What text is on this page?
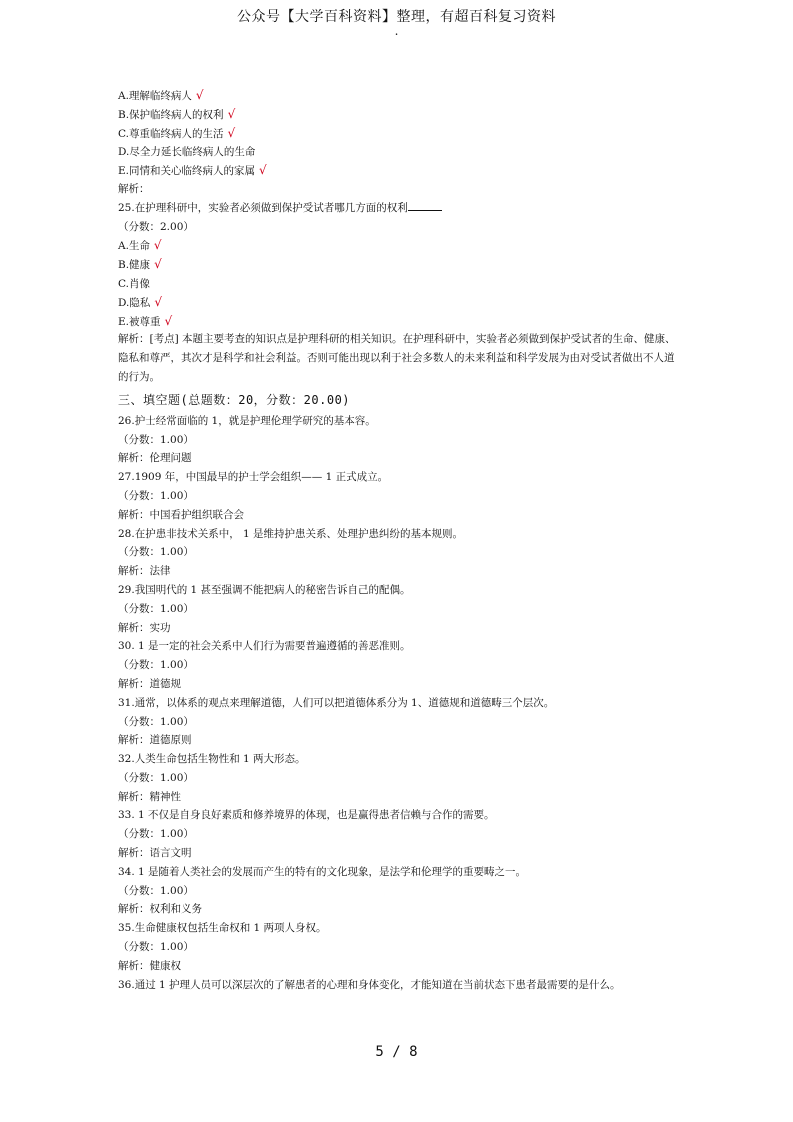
公众号【大学百科资料】整理，有超百科复习资料
.
A.理解临终病人 √
B.保护临终病人的权利 √
C.尊重临终病人的生活 √
D.尽全力延长临终病人的生命
E.同情和关心临终病人的家属 √
解析：
25.在护理科研中，实验者必须做到保护受试者哪几方面的权利
（分数：2.00）
A.生命 √
B.健康 √
C.肖像
D.隐私 √
E.被尊重 √
解析：[考点] 本题主要考查的知识点是护理科研的相关知识。在护理科研中，实验者必须做到保护受试者的生命、健康、隐私和尊严，其次才是科学和社会利益。否则可能出现以利于社会多数人的未来利益和科学发展为由对受试者做出不人道的行为。
三、填空题(总题数：20，分数：20.00)
26.护士经常面临的 1，就是护理伦理学研究的基本容。
（分数：1.00）
解析：伦理问题
27.1909 年，中国最早的护士学会组织—— 1 正式成立。
（分数：1.00）
解析：中国看护组织联合会
28.在护患非技术关系中， 1 是维持护患关系、处理护患纠纷的基本规则。
（分数：1.00）
解析：法律
29.我国明代的 1 甚至强调不能把病人的秘密告诉自己的配偶。
（分数：1.00）
解析：实功
30. 1 是一定的社会关系中人们行为需要普遍遵循的善恶准则。
（分数：1.00）
解析：道德规
31.通常，以体系的观点来理解道德，人们可以把道德体系分为 1、道德规和道德畴三个层次。
（分数：1.00）
解析：道德原则
32.人类生命包括生物性和 1 两大形态。
（分数：1.00）
解析：精神性
33. 1 不仅是自身良好素质和修养境界的体现，也是赢得患者信赖与合作的需要。
（分数：1.00）
解析：语言文明
34. 1 是随着人类社会的发展而产生的特有的文化现象，是法学和伦理学的重要畴之一。
（分数：1.00）
解析：权利和义务
35.生命健康权包括生命权和 1 两项人身权。
（分数：1.00）
解析：健康权
36.通过 1 护理人员可以深层次的了解患者的心理和身体变化，才能知道在当前状态下患者最需要的是什么。
5 / 8
